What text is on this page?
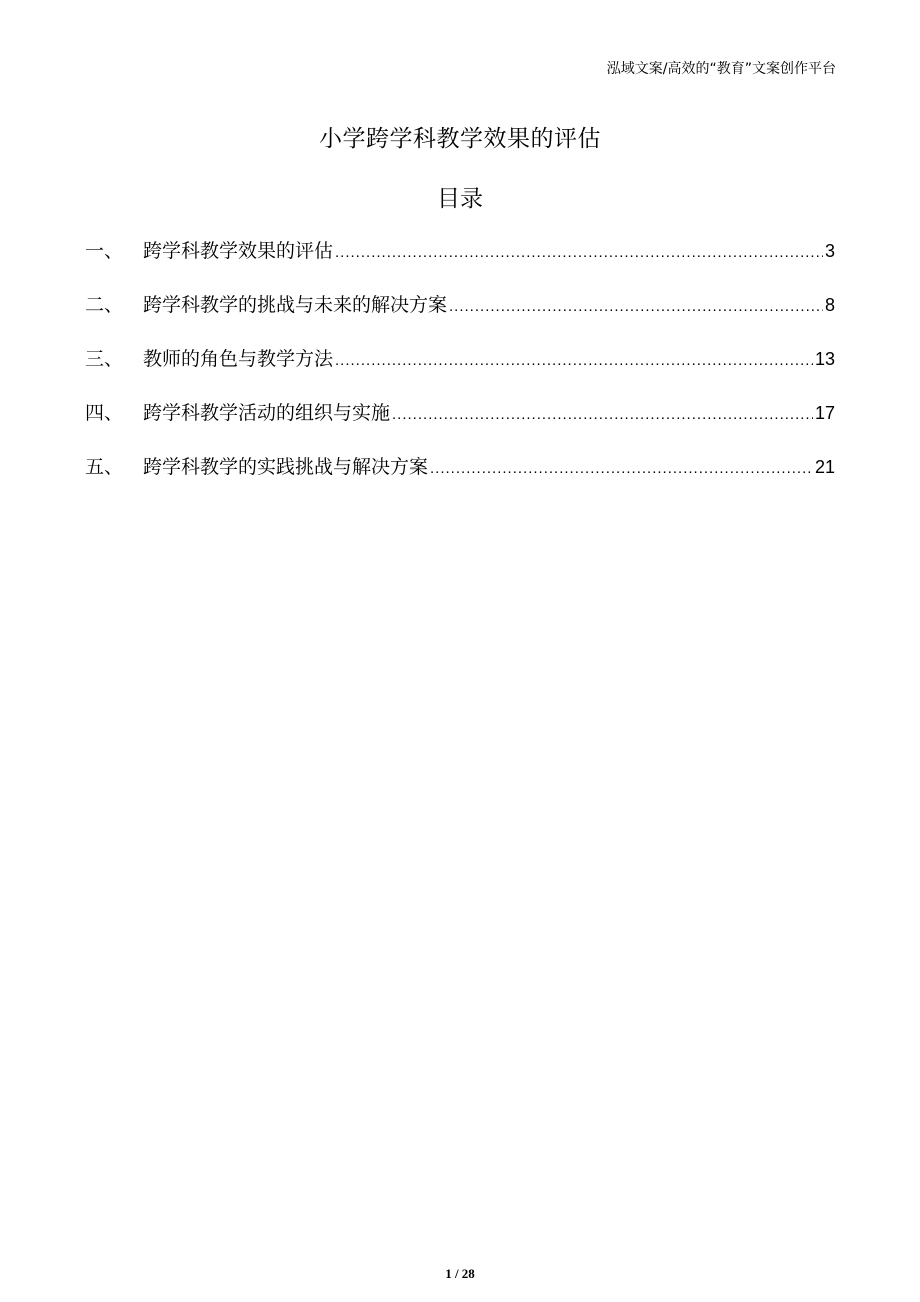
泓域文案/高效的“教育”文案创作平台
小学跨学科教学效果的评估
目录
一、	跨学科教学效果的评估 .....	3
二、	跨学科教学的挑战与未来的解决方案 .....	8
三、	教师的角色与教学方法 .....	13
四、	跨学科教学活动的组织与实施 .....	17
五、	跨学科教学的实践挑战与解决方案 .....	21
1 / 28
